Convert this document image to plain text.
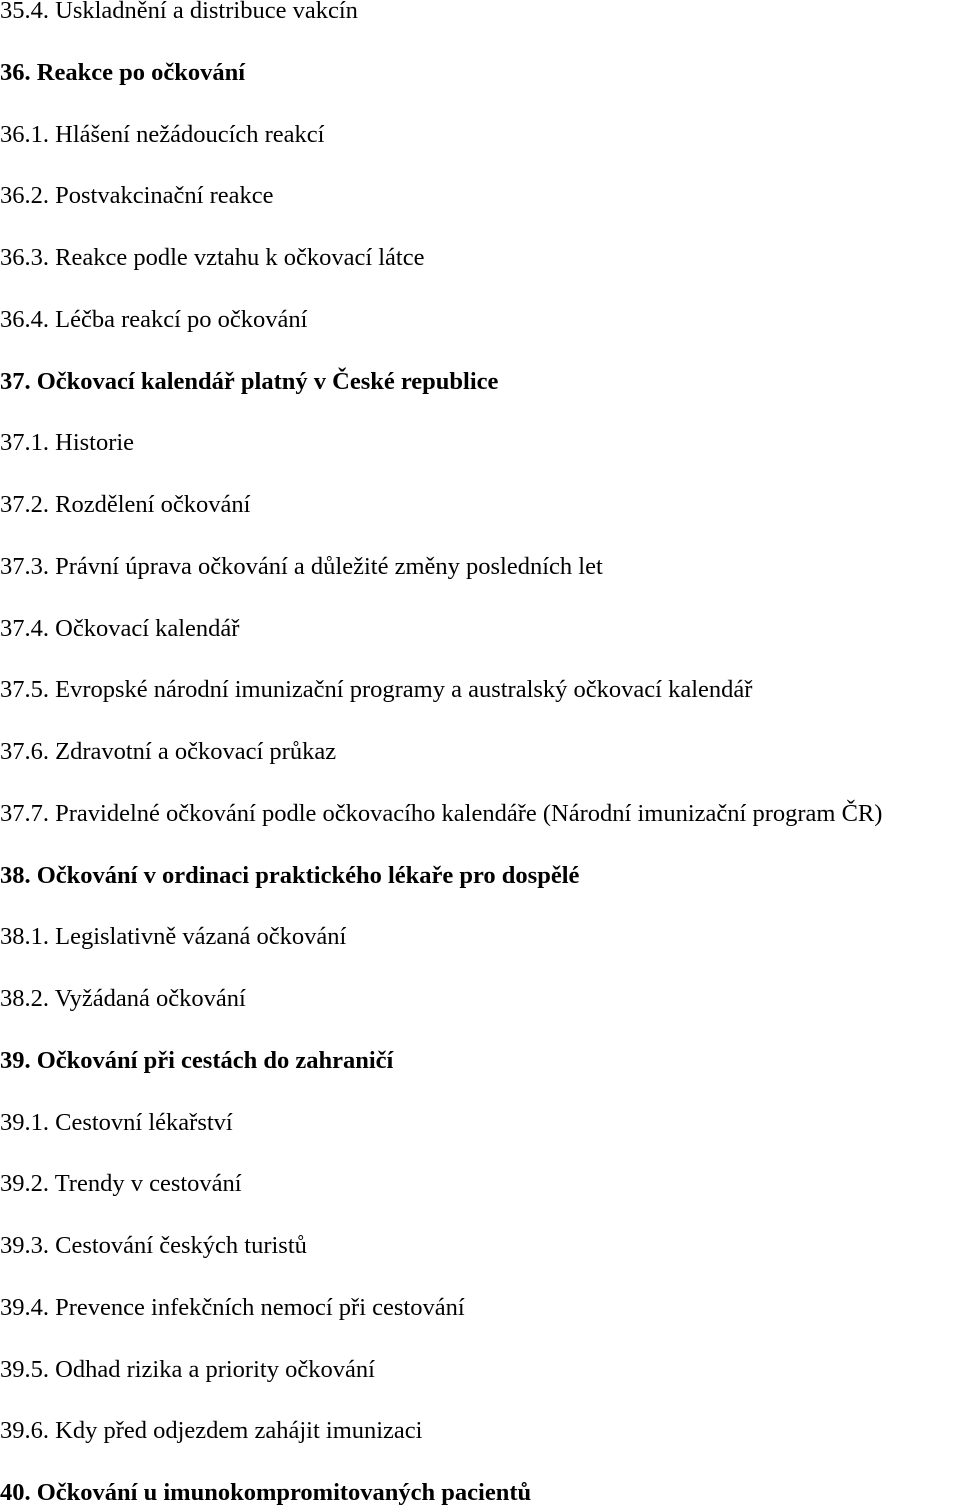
35.4. Uskladnění a distribuce vakcín
36. Reakce po očkování
36.1. Hlášení nežádoucích reakcí
36.2. Postvakcinační reakce
36.3. Reakce podle vztahu k očkovací látce
36.4. Léčba reakcí po očkování
37. Očkovací kalendář platný v České republice
37.1. Historie
37.2. Rozdělení očkování
37.3. Právní úprava očkování a důležité změny posledních let
37.4. Očkovací kalendář
37.5. Evropské národní imunizační programy a australský očkovací kalendář
37.6. Zdravotní a očkovací průkaz
37.7. Pravidelné očkování podle očkovacího kalendáře (Národní imunizační program ČR)
38. Očkování v ordinaci praktického lékaře pro dospělé
38.1. Legislativně vázaná očkování
38.2. Vyžádaná očkování
39. Očkování při cestách do zahraničí
39.1. Cestovní lékařství
39.2. Trendy v cestování
39.3. Cestování českých turistů
39.4. Prevence infekčních nemocí při cestování
39.5. Odhad rizika a priority očkování
39.6. Kdy před odjezdem zahájit imunizaci
40. Očkování u imunokompromitovaných pacientů
